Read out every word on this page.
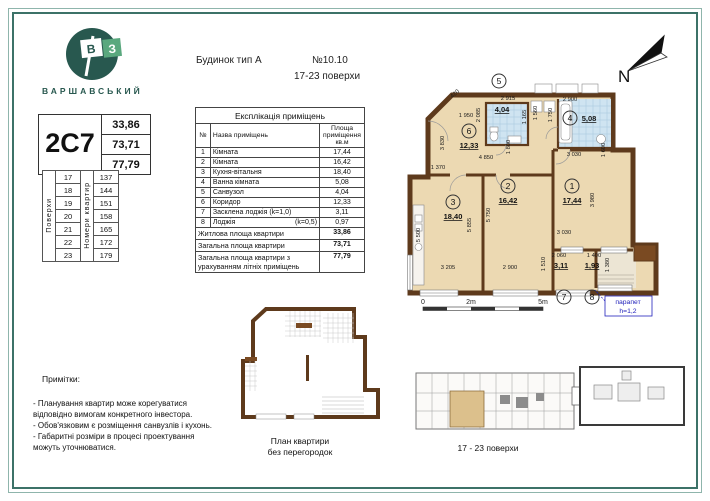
В З
ВАРШАВСЬКИЙ
2С7
33,86
73,71
77,79
Поверхи	17	Номери квартир	137
	18		144
	19		151
	20		158
	21		165
	22		172
	23		179
Будинок тип А	№10.10
17-23 поверхи
Експлікація приміщень		
№	Назва приміщень	Площа приміщення кв.м
1	Кімната	17,44
2	Кімната	16,42
3	Кухня-вітальня	18,40
4	Ванна кімната	5,08
5	Санвузол	4,04
6	Коридор	12,33
7	Засклена лоджія (k=1,0)	3,11
8	Лоджія (k=0,5)	0,97
Житлова площа квартири		33,86
Загальна площа квартири		73,71
Загальна площа квартири з урахуванням літніх приміщень		77,79
N
420
1 950 2 085
2 915
1 165
3 830
1 370
4 850
1 800
2 900
1 560 1 750
3 030	1 600
3 030
3 980
5 855
5 750
5 500
3 205	2 900
2 060
1 510
1 400
1 380
1
17,44
2
16,42
3
18,40
4 5,08
5
4,04
6
12,33
7
3,11
8
1,93
0	2m	5m	парапет
h=1,2
Примітки:
- Планування квартир може корегуватися
відповідно вимогам конкретного інвестора.
- Обов'язковим є розміщення санвузлів і кухонь.
- Габаритні розміри в процесі проектування
можуть уточнюватися.
План квартири
без перегородок	17 - 23 поверхи
